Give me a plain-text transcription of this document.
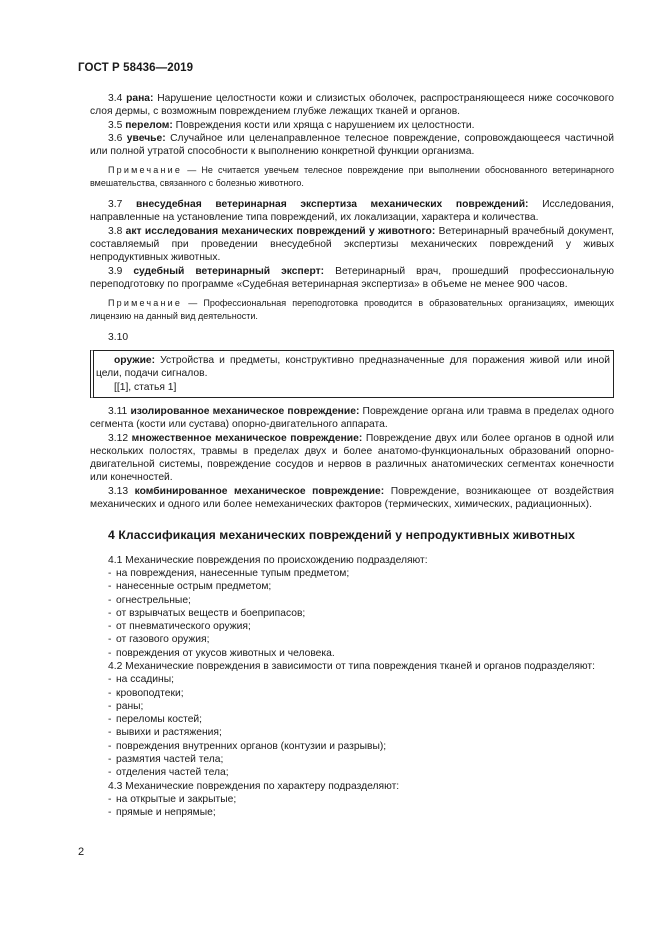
ГОСТ Р 58436—2019

3.4 рана: Нарушение целостности кожи и слизистых оболочек, распространяющееся ниже сосочкового слоя дермы, с возможным повреждением глубже лежащих тканей и органов.

3.5 перелом: Повреждения кости или хряща с нарушением их целостности.

3.6 увечье: Случайное или целенаправленное телесное повреждение, сопровождающееся частичной или полной утратой способности к выполнению конкретной функции организма.

Примечание — Не считается увечьем телесное повреждение при выполнении обоснованного ветеринарного вмешательства, связанного с болезнью животного.

3.7 внесудебная ветеринарная экспертиза механических повреждений: Исследования, направленные на установление типа повреждений, их локализации, характера и количества.

3.8 акт исследования механических повреждений у животного: Ветеринарный врачебный документ, составляемый при проведении внесудебной экспертизы механических повреждений у живых непродуктивных животных.

3.9 судебный ветеринарный эксперт: Ветеринарный врач, прошедший профессиональную переподготовку по программе «Судебная ветеринарная экспертиза» в объеме не менее 900 часов.

Примечание — Профессиональная переподготовка проводится в образовательных организациях, имеющих лицензию на данный вид деятельности.

3.10

оружие: Устройства и предметы, конструктивно предназначенные для поражения живой или иной цели, подачи сигналов.

[[1], статья 1]

3.11 изолированное механическое повреждение: Повреждение органа или травма в пределах одного сегмента (кости или сустава) опорно-двигательного аппарата.

3.12 множественное механическое повреждение: Повреждение двух или более органов в одной или нескольких полостях, травмы в пределах двух и более анатомо-функциональных образований опорно-двигательной системы, повреждение сосудов и нервов в различных анатомических сегментах конечности или конечностей.

3.13 комбинированное механическое повреждение: Повреждение, возникающее от воздействия механических и одного или более немеханических факторов (термических, химических, радиационных).

4 Классификация механических повреждений у непродуктивных животных

4.1 Механические повреждения по происхождению подразделяют:

- на повреждения, нанесенные тупым предметом;
- нанесенные острым предметом;
- огнестрельные;
- от взрывчатых веществ и боеприпасов;
- от пневматического оружия;
- от газового оружия;
- повреждения от укусов животных и человека.

4.2 Механические повреждения в зависимости от типа повреждения тканей и органов подразделяют:

- на ссадины;
- кровоподтеки;
- раны;
- переломы костей;
- вывихи и растяжения;
- повреждения внутренних органов (контузии и разрывы);
- размятия частей тела;
- отделения частей тела;

4.3 Механические повреждения по характеру подразделяют:

- на открытые и закрытые;
- прямые и непрямые;
2
